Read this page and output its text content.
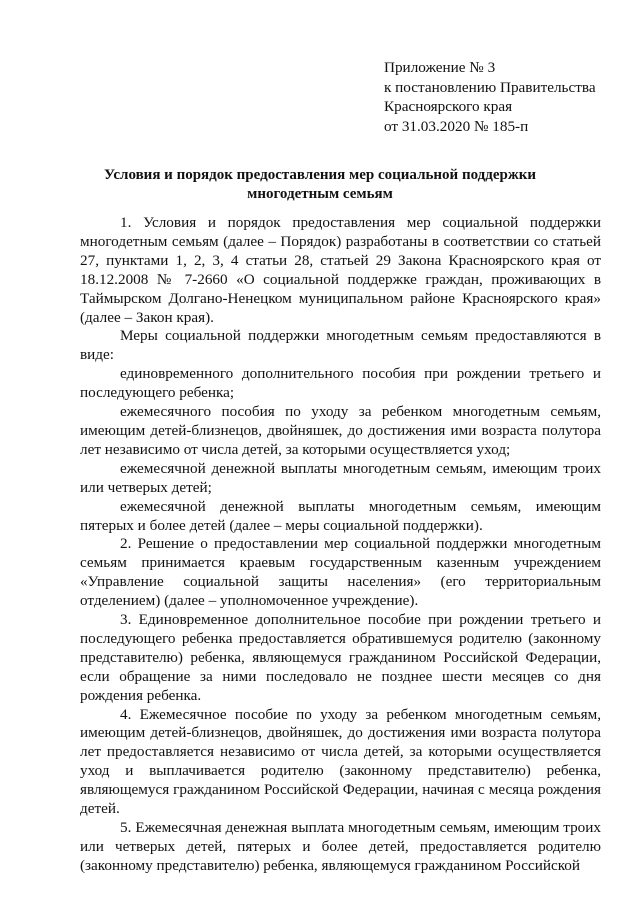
Приложение № 3
к постановлению Правительства
Красноярского края
от 31.03.2020 № 185-п
Условия и порядок предоставления мер социальной поддержки
многодетным семьям

1. Условия и порядок предоставления мер социальной поддержки многодетным семьям (далее – Порядок) разработаны в соответствии со статьей 27, пунктами 1, 2, 3, 4 статьи 28, статьей 29 Закона Красноярского края от 18.12.2008 № 7-2660 «О социальной поддержке граждан, проживающих в Таймырском Долгано-Ненецком муниципальном районе Красноярского края» (далее – Закон края).

Меры социальной поддержки многодетным семьям предоставляются в виде:

единовременного дополнительного пособия при рождении третьего и последующего ребенка;

ежемесячного пособия по уходу за ребенком многодетным семьям, имеющим детей-близнецов, двойняшек, до достижения ими возраста полутора лет независимо от числа детей, за которыми осуществляется уход;

ежемесячной денежной выплаты многодетным семьям, имеющим троих или четверых детей;

ежемесячной денежной выплаты многодетным семьям, имеющим пятерых и более детей (далее – меры социальной поддержки).

2. Решение о предоставлении мер социальной поддержки многодетным семьям принимается краевым государственным казенным учреждением «Управление социальной защиты населения» (его территориальным отделением) (далее – уполномоченное учреждение).

3. Единовременное дополнительное пособие при рождении третьего и последующего ребенка предоставляется обратившемуся родителю (законному представителю) ребенка, являющемуся гражданином Российской Федерации, если обращение за ними последовало не позднее шести месяцев со дня рождения ребенка.

4. Ежемесячное пособие по уходу за ребенком многодетным семьям, имеющим детей-близнецов, двойняшек, до достижения ими возраста полутора лет предоставляется независимо от числа детей, за которыми осуществляется уход и выплачивается родителю (законному представителю) ребенка, являющемуся гражданином Российской Федерации, начиная с месяца рождения детей.

5. Ежемесячная денежная выплата многодетным семьям, имеющим троих или четверых детей, пятерых и более детей, предоставляется родителю (законному представителю) ребенка, являющемуся гражданином Российской
